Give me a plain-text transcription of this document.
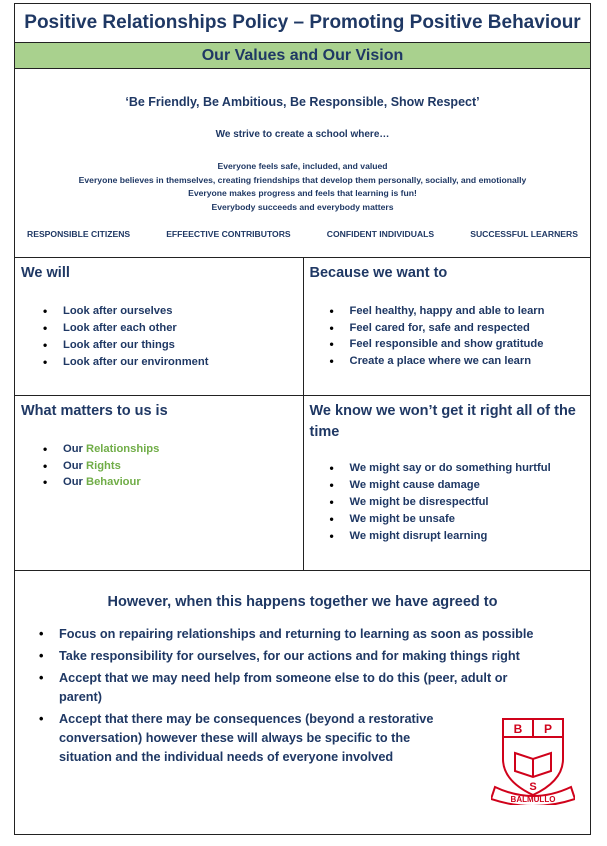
Positive Relationships Policy – Promoting Positive Behaviour
Our Values and Our Vision
‘Be Friendly, Be Ambitious, Be Responsible, Show Respect’
We strive to create a school where…
Everyone feels safe, included, and valued
Everyone believes in themselves, creating friendships that develop them personally, socially, and emotionally
Everyone makes progress and feels that learning is fun!
Everybody succeeds and everybody matters
RESPONSIBLE CITIZENS	EFFEECTIVE CONTRIBUTORS	CONFIDENT INDIVIDUALS	SUCCESSFUL LEARNERS
We will
• Look after ourselves
• Look after each other
• Look after our things
• Look after our environment
Because we want to
• Feel healthy, happy and able to learn
• Feel cared for, safe and respected
• Feel responsible and show gratitude
• Create a place where we can learn
What matters to us is
• Our Relationships
• Our Rights
• Our Behaviour
We know we won’t get it right all of the time
• We might say or do something hurtful
• We might cause damage
• We might be disrespectful
• We might be unsafe
• We might disrupt learning
However, when this happens together we have agreed to
• Focus on repairing relationships and returning to learning as soon as possible
• Take responsibility for ourselves, for our actions and for making things right
• Accept that we may need help from someone else to do this (peer, adult or parent)
• Accept that there may be consequences (beyond a restorative conversation) however these will always be specific to the situation and the individual needs of everyone involved
B P
S
BALMULLO
